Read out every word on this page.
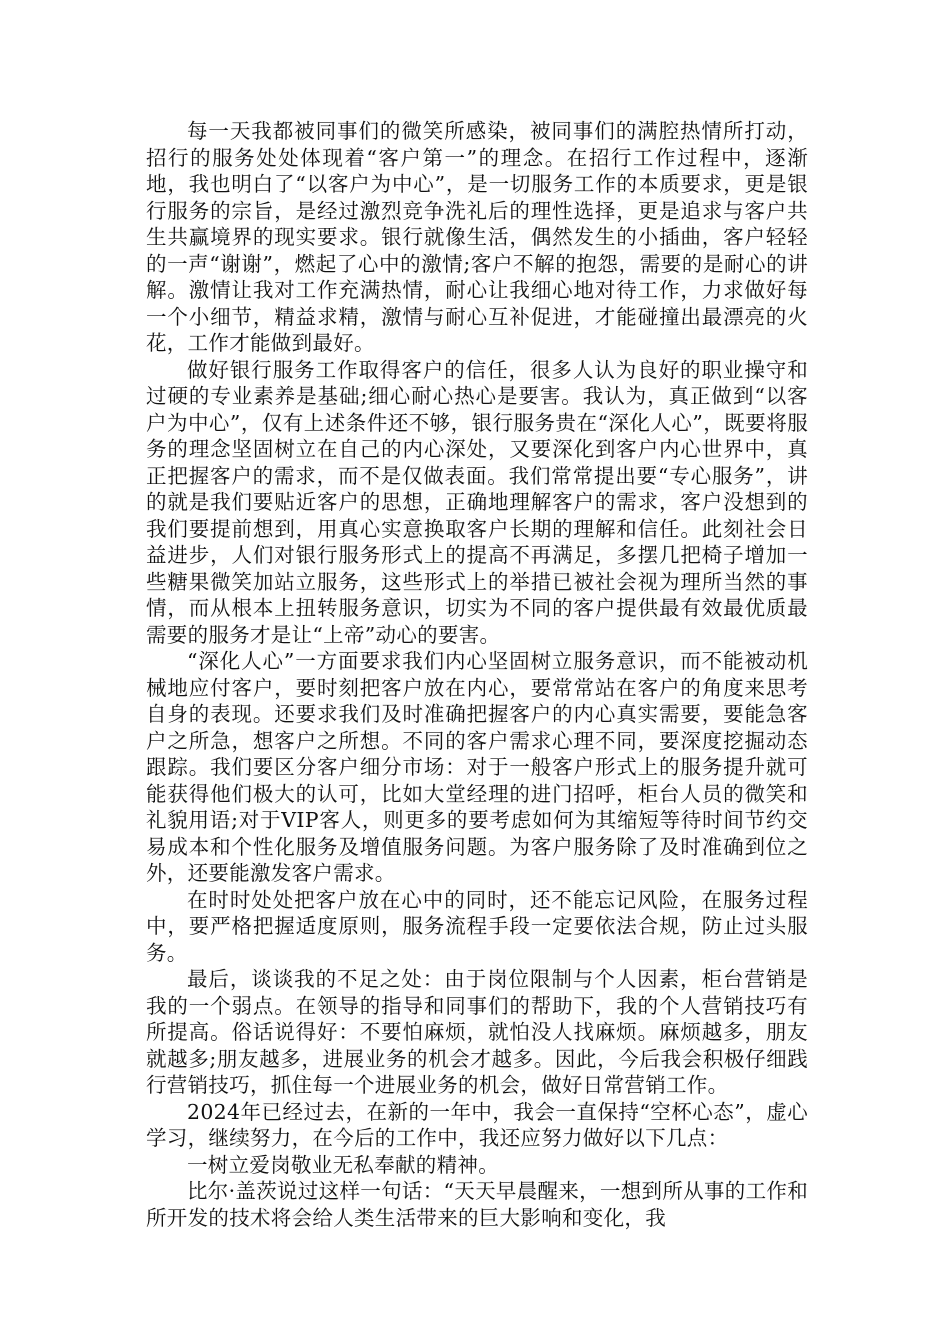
每一天我都被同事们的微笑所感染，被同事们的满腔热情所打动，招行的服务处处体现着“客户第一”的理念。在招行工作过程中，逐渐地，我也明白了“以客户为中心”，是一切服务工作的本质要求，更是银行服务的宗旨，是经过激烈竞争洗礼后的理性选择，更是追求与客户共生共赢境界的现实要求。银行就像生活，偶然发生的小插曲，客户轻轻的一声“谢谢”，燃起了心中的激情;客户不解的抱怨，需要的是耐心的讲解。激情让我对工作充满热情，耐心让我细心地对待工作，力求做好每一个小细节，精益求精，激情与耐心互补促进，才能碰撞出最漂亮的火花，工作才能做到最好。

做好银行服务工作取得客户的信任，很多人认为良好的职业操守和过硬的专业素养是基础;细心耐心热心是要害。我认为，真正做到“以客户为中心”，仅有上述条件还不够，银行服务贵在“深化人心”，既要将服务的理念坚固树立在自己的内心深处，又要深化到客户内心世界中，真正把握客户的需求，而不是仅做表面。我们常常提出要“专心服务”，讲的就是我们要贴近客户的思想，正确地理解客户的需求，客户没想到的我们要提前想到，用真心实意换取客户长期的理解和信任。此刻社会日益进步，人们对银行服务形式上的提高不再满足，多摆几把椅子增加一些糖果微笑加站立服务，这些形式上的举措已被社会视为理所当然的事情，而从根本上扭转服务意识，切实为不同的客户提供最有效最优质最需要的服务才是让“上帝”动心的要害。

“深化人心”一方面要求我们内心坚固树立服务意识，而不能被动机械地应付客户，要时刻把客户放在内心，要常常站在客户的角度来思考自身的表现。还要求我们及时准确把握客户的内心真实需要，要能急客户之所急，想客户之所想。不同的客户需求心理不同，要深度挖掘动态跟踪。我们要区分客户细分市场：对于一般客户形式上的服务提升就可能获得他们极大的认可，比如大堂经理的进门招呼，柜台人员的微笑和礼貌用语;对于VIP客人，则更多的要考虑如何为其缩短等待时间节约交易成本和个性化服务及增值服务问题。为客户服务除了及时准确到位之外，还要能激发客户需求。

在时时处处把客户放在心中的同时，还不能忘记风险，在服务过程中，要严格把握适度原则，服务流程手段一定要依法合规，防止过头服务。

最后，谈谈我的不足之处：由于岗位限制与个人因素，柜台营销是我的一个弱点。在领导的指导和同事们的帮助下，我的个人营销技巧有所提高。俗话说得好：不要怕麻烦，就怕没人找麻烦。麻烦越多，朋友就越多;朋友越多，进展业务的机会才越多。因此，今后我会积极仔细践行营销技巧，抓住每一个进展业务的机会，做好日常营销工作。

2024年已经过去，在新的一年中，我会一直保持“空杯心态”，虚心学习，继续努力，在今后的工作中，我还应努力做好以下几点：

一树立爱岗敬业无私奉献的精神。

比尔·盖茨说过这样一句话：“天天早晨醒来，一想到所从事的工作和所开发的技术将会给人类生活带来的巨大影响和变化，我
